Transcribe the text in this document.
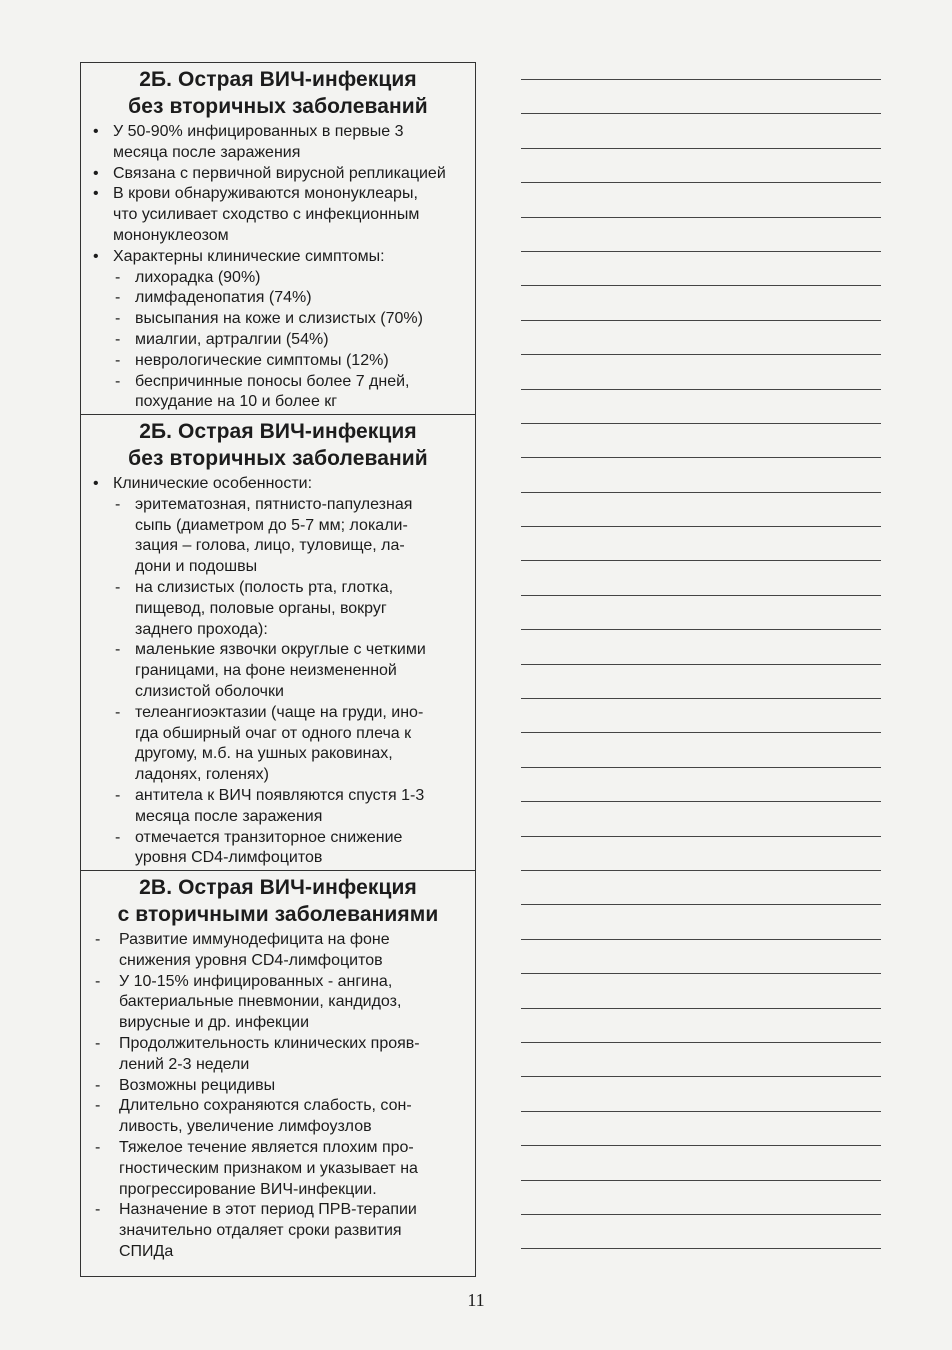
2Б. Острая ВИЧ-инфекция
без вторичных заболеваний
• У 50-90% инфицированных в первые 3
месяца после заражения
• Связана с первичной вирусной репликацией
• В крови обнаруживаются мононуклеары,
что усиливает сходство с инфекционным
мононуклеозом
• Характерны клинические симптомы:
- лихорадка (90%)
- лимфаденопатия (74%)
- высыпания на коже и слизистых (70%)
- миалгии, артралгии (54%)
- неврологические симптомы (12%)
- беспричинные поносы более 7 дней,
похудание на 10 и более кг
2Б. Острая ВИЧ-инфекция
без вторичных заболеваний
• Клинические особенности:
- эритематозная, пятнисто-папулезная
сыпь (диаметром до 5-7 мм; локали-
зация – голова, лицо, туловище, ла-
дони и подошвы
- на слизистых (полость рта, глотка,
пищевод, половые органы, вокруг
заднего прохода):
- маленькие язвочки округлые с четкими
границами, на фоне неизмененной
слизистой оболочки
- телеангиоэктазии (чаще на груди, ино-
гда обширный очаг от одного плеча к
другому, м.б. на ушных раковинах,
ладонях, голенях)
- антитела к ВИЧ появляются спустя 1-3
месяца после заражения
- отмечается транзиторное снижение
уровня CD4-лимфоцитов
2В. Острая ВИЧ-инфекция
с вторичными заболеваниями
- Развитие иммунодефицита на фоне
снижения уровня CD4-лимфоцитов
- У 10-15% инфицированных - ангина,
бактериальные пневмонии, кандидоз,
вирусные и др. инфекции
- Продолжительность клинических прояв-
лений 2-3 недели
- Возможны рецидивы
- Длительно сохраняются слабость, сон-
ливость, увеличение лимфоузлов
- Тяжелое течение является плохим про-
гностическим признаком и указывает на
прогрессирование ВИЧ-инфекции.
- Назначение в этот период ПРВ-терапии
значительно отдаляет сроки развития
СПИДа
11
